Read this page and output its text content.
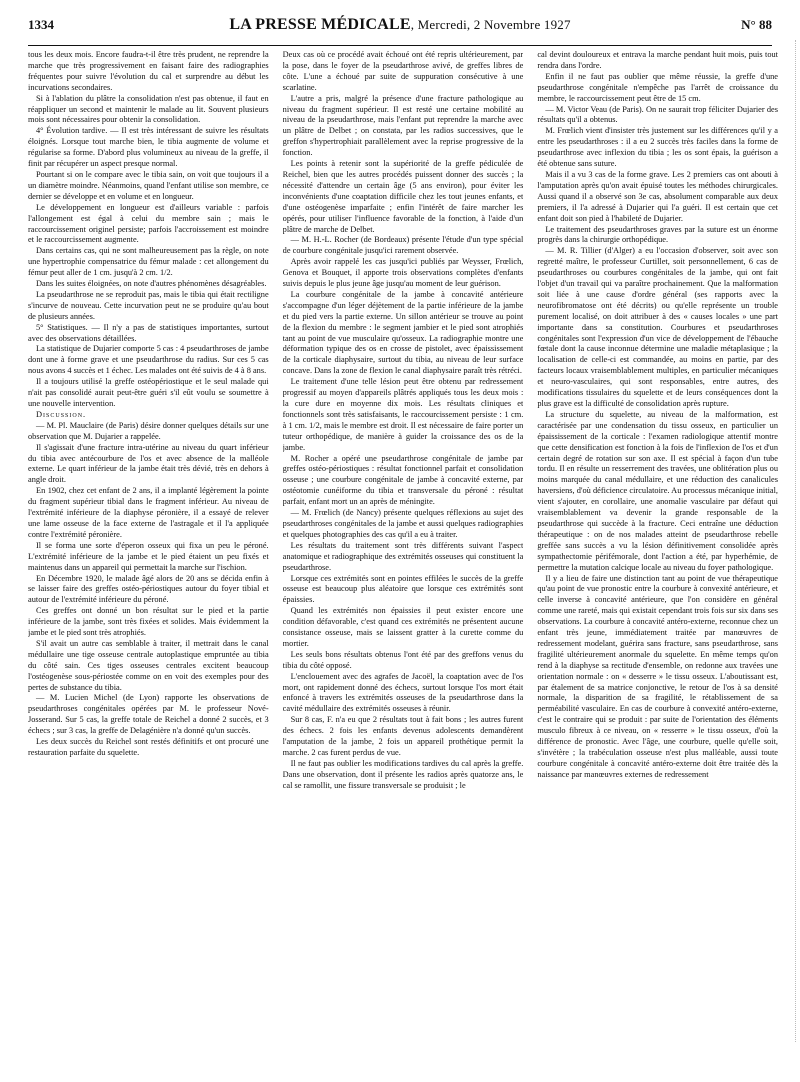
1334	LA PRESSE MÉDICALE, Mercredi, 2 Novembre 1927	N° 88

tous les deux mois. Encore faudra-t-il être très prudent, ne reprendre la marche que très progressivement en faisant faire des radiographies fréquentes pour suivre l'évolution du cal et surprendre au début les incurvations secondaires.

Si à l'ablation du plâtre la consolidation n'est pas obtenue, il faut en réappliquer un second et maintenir le malade au lit. Souvent plusieurs mois sont nécessaires pour obtenir la consolidation.

4° Évolution tardive. — Il est très intéressant de suivre les résultats éloignés. Lorsque tout marche bien, le tibia augmente de volume et régularise sa forme. D'abord plus volumineux au niveau de la greffe, il finit par récupérer un aspect presque normal.

Pourtant si on le compare avec le tibia sain, on voit que toujours il a un diamètre moindre. Néanmoins, quand l'enfant utilise son membre, ce dernier se développe et en volume et en longueur.

Le développement en longueur est d'ailleurs variable : parfois l'allongement est égal à celui du membre sain ; mais le raccourcissement originel persiste; parfois l'accroissement est moindre et le raccourcissement augmente.

Dans certains cas, qui ne sont malheureusement pas la règle, on note une hypertrophie compensatrice du fémur malade : cet allongement du fémur peut aller de 1 cm. jusqu'à 2 cm. 1/2.

Dans les suites éloignées, on note d'autres phénomènes désagréables.

La pseudarthrose ne se reproduit pas, mais le tibia qui était rectiligne s'incurve de nouveau. Cette incurvation peut ne se produire qu'au bout de plusieurs années.

5° Statistiques. — Il n'y a pas de statistiques importantes, surtout avec des observations détaillées.

La statistique de Dujarier comporte 5 cas : 4 pseudarthroses de jambe dont une à forme grave et une pseudarthrose du radius. Sur ces 5 cas nous avons 4 succès et 1 échec. Les malades ont été suivis de 4 à 8 ans.

Il a toujours utilisé la greffe ostéopériostique et le seul malade qui n'ait pas consolidé aurait peut-être guéri s'il eût voulu se soumettre à une nouvelle intervention.

Discussion.

— M. Pl. Mauclaire (de Paris) désire donner quelques détails sur une observation que M. Dujarier a rappelée.

Il s'agissait d'une fracture intra-utérine au niveau du quart inférieur du tibia avec antécourbure de l'os et avec absence de la malléole externe. Le quart inférieur de la jambe était très dévié, très en dehors à angle droit.

En 1902, chez cet enfant de 2 ans, il a implanté légèrement la pointe du fragment supérieur tibial dans le fragment inférieur. Au niveau de l'extrémité inférieure de la diaphyse péronière, il a essayé de relever une lame osseuse de la face externe de l'astragale et il l'a appliquée contre l'extrémité péronière.

Il se forma une sorte d'éperon osseux qui fixa un peu le péroné. L'extrémité inférieure de la jambe et le pied étaient un peu fixés et maintenus dans un appareil qui permettait la marche sur l'ischion.

En Décembre 1920, le malade âgé alors de 20 ans se décida enfin à se laisser faire des greffes ostéo-périostiques autour du foyer tibial et autour de l'extrémité inférieure du péroné.

Ces greffes ont donné un bon résultat sur le pied et la partie inférieure de la jambe, sont très fixées et solides. Mais évidemment la jambe et le pied sont très atrophiés.

S'il avait un autre cas semblable à traiter, il mettrait dans le canal médullaire une tige osseuse centrale autoplastique empruntée au tibia du côté sain. Ces tiges osseuses centrales excitent beaucoup l'ostéogenèse sous-périostée comme on en voit des exemples pour des pertes de substance du tibia.

— M. Lucien Michel (de Lyon) rapporte les observations de pseudarthroses congénitales opérées par M. le professeur Nové-Josserand. Sur 5 cas, la greffe totale de Reichel a donné 2 succès, et 3 échecs ; sur 3 cas, la greffe de Delagénière n'a donné qu'un succès.

Les deux succès du Reichel sont restés définitifs et ont procuré une restauration parfaite du squelette.

Deux cas où ce procédé avait échoué ont été repris ultérieurement, par la pose, dans le foyer de la pseudarthrose avivé, de greffes libres de côte. L'une a échoué par suite de suppuration consécutive à une scarlatine.

L'autre a pris, malgré la présence d'une fracture pathologique au niveau du fragment supérieur. Il est resté une certaine mobilité au niveau de la pseudarthrose, mais l'enfant put reprendre la marche avec un plâtre de Delbet ; on constata, par les radios successives, que le greffon s'hypertrophiait parallèlement avec la reprise progressive de la fonction.

Les points à retenir sont la supériorité de la greffe pédiculée de Reichel, bien que les autres procédés puissent donner des succès ; la nécessité d'attendre un certain âge (5 ans environ), pour éviter les inconvénients d'une coaptation difficile chez les tout jeunes enfants, et d'une ostéogenèse imparfaite ; enfin l'intérêt de faire marcher les opérés, pour utiliser l'influence favorable de la fonction, à l'aide d'un plâtre de marche de Delbet.

— M. H.-L. Rocher (de Bordeaux) présente l'étude d'un type spécial de courbure congénitale jusqu'ici rarement observée.

Après avoir rappelé les cas jusqu'ici publiés par Weysser, Frœlich, Genova et Bouquet, il apporte trois observations complètes d'enfants suivis depuis le plus jeune âge jusqu'au moment de leur guérison.

La courbure congénitale de la jambe à concavité antérieure s'accompagne d'un léger déjètement de la partie inférieure de la jambe et du pied vers la partie externe. Un sillon antérieur se trouve au point de la flexion du membre : le segment jambier et le pied sont atrophiés tant au point de vue musculaire qu'osseux. La radiographie montre une déformation typique des os en crosse de pistolet, avec épaississement de la corticale diaphysaire, surtout du tibia, au niveau de leur surface concave. Dans la zone de flexion le canal diaphysaire paraît très rétréci.

Le traitement d'une telle lésion peut être obtenu par redressement progressif au moyen d'appareils plâtrés appliqués tous les deux mois : la cure dure en moyenne dix mois. Les résultats cliniques et fonctionnels sont très satisfaisants, le raccourcissement persiste : 1 cm. à 1 cm. 1/2, mais le membre est droit. Il est nécessaire de faire porter un tuteur orthopédique, de manière à guider la croissance des os de la jambe.

M. Rocher a opéré une pseudarthrose congénitale de jambe par greffes ostéo-périostiques : résultat fonctionnel parfait et consolidation osseuse ; une courbure congénitale de jambe à concavité externe, par ostéotomie cunéiforme du tibia et transversale du péroné : résultat parfait, enfant mort un an après de méningite.

— M. Frœlich (de Nancy) présente quelques réflexions au sujet des pseudarthroses congénitales de la jambe et aussi quelques radiographies et quelques photographies des cas qu'il a eu à traiter.

Les résultats du traitement sont très différents suivant l'aspect anatomique et radiographique des extrémités osseuses qui constituent la pseudarthrose.

Lorsque ces extrémités sont en pointes effilées le succès de la greffe osseuse est beaucoup plus aléatoire que lorsque ces extrémités sont épaissies.

Quand les extrémités non épaissies il peut exister encore une condition défavorable, c'est quand ces extrémités ne présentent aucune consistance osseuse, mais se laissent gratter à la curette comme du mortier.

Les seuls bons résultats obtenus l'ont été par des greffons venus du tibia du côté opposé.

L'enclouement avec des agrafes de Jacoël, la coaptation avec de l'os mort, ont rapidement donné des échecs, surtout lorsque l'os mort était enfoncé à travers les extrémités osseuses de la pseudarthrose dans la cavité médullaire des extrémités osseuses à réunir.

Sur 8 cas, F. n'a eu que 2 résultats tout à fait bons ; les autres furent des échecs. 2 fois les enfants devenus adolescents demandèrent l'amputation de la jambe, 2 fois un appareil prothétique permit la marche. 2 cas furent perdus de vue.

Il ne faut pas oublier les modifications tardives du cal après la greffe. Dans une observation, dont il présente les radios après quatorze ans, le cal se ramollit, une fissure transversale se produisit ; le

cal devint douloureux et entrava la marche pendant huit mois, puis tout rendra dans l'ordre.

Enfin il ne faut pas oublier que même réussie, la greffe d'une pseudarthrose congénitale n'empêche pas l'arrêt de croissance du membre, le raccourcissement peut être de 15 cm.

— M. Victor Veau (de Paris). On ne saurait trop féliciter Dujarier des résultats qu'il a obtenus.

M. Frœlich vient d'insister très justement sur les différences qu'il y a entre les pseudarthroses : il a eu 2 succès très faciles dans la forme de pseudarthrose avec inflexion du tibia ; les os sont épais, la guérison a été obtenue sans suture.

Mais il a vu 3 cas de la forme grave. Les 2 premiers cas ont abouti à l'amputation après qu'on avait épuisé toutes les méthodes chirurgicales. Aussi quand il a observé son 3e cas, absolument comparable aux deux premiers, il l'a adressé à Dujarier qui l'a guéri. Il est certain que cet enfant doit son pied à l'habileté de Dujarier.

Le traitement des pseudarthroses graves par la suture est un énorme progrès dans la chirurgie orthopédique.

— M. R. Tillier (d'Alger) a eu l'occasion d'observer, soit avec son regretté maître, le professeur Curtillet, soit personnellement, 6 cas de pseudarthroses ou courbures congénitales de la jambe, qui ont fait l'objet d'un travail qui va paraître prochainement. Que la malformation soit liée à une cause d'ordre général (ses rapports avec la neurofibromatose ont été décrits) ou qu'elle représente un trouble purement localisé, on doit attribuer à des « causes locales » une part importante dans sa constitution. Courbures et pseudarthroses congénitales sont l'expression d'un vice de développement de l'ébauche fœtale dont la cause inconnue détermine une maladie métaplasique ; la localisation de celle-ci est commandée, au moins en partie, par des facteurs locaux vraisemblablement multiples, en particulier mécaniques et neuro-vasculaires, qui sont responsables, entre autres, des modifications tissulaires du squelette et de leurs conséquences dont la plus grave est la difficulté de consolidation après rupture.

La structure du squelette, au niveau de la malformation, est caractérisée par une condensation du tissu osseux, en particulier un épaississement de la corticale : l'examen radiologique attentif montre que cette densification est fonction à la fois de l'inflexion de l'os et d'un certain degré de rotation sur son axe. Il est spécial à façon d'un tube tordu. Il en résulte un resserrement des travées, une oblitération plus ou moins marquée du canal médullaire, et une réduction des canalicules haversiens, d'où déficience circulatoire. Au processus mécanique initial, vient s'ajouter, en corollaire, une anomalie vasculaire par défaut qui vraisemblablement va devenir la grande responsable de la pseudarthrose qui succède à la fracture. Ceci entraîne une déduction thérapeutique : on de nos malades atteint de pseudarthrose rebelle greffée sans succès a vu la lésion définitivement consolidée après sympathectomie périfémorale, dont l'action a été, par hyperhémie, de permettre la mutation calcique locale au niveau du foyer pathologique.

Il y a lieu de faire une distinction tant au point de vue thérapeutique qu'au point de vue pronostic entre la courbure à convexité antérieure, et celle inverse à concavité antérieure, que l'on considère en général comme une rareté, mais qui existait cependant trois fois sur six dans ses observations. La courbure à concavité antéro-externe, reconnue chez un enfant très jeune, immédiatement traitée par manœuvres de redressement modelant, guérira sans fracture, sans pseudarthrose, sans fragilité ultérieurement anormale du squelette. En même temps qu'on rend à la diaphyse sa rectitude d'ensemble, on redonne aux travées une orientation normale : on « desserre » le tissu osseux. L'aboutissant est, par étalement de sa matrice conjonctive, le retour de l'os à sa densité normale, la disparition de sa fragilité, le rétablissement de sa perméabilité vasculaire. En cas de courbure à convexité antéro-externe, c'est le contraire qui se produit : par suite de l'orientation des éléments musculo fibreux à ce niveau, on « resserre » le tissu osseux, d'où la différence de pronostic. Avec l'âge, une courbure, quelle qu'elle soit, s'invétère ; la trabéculation osseuse n'est plus malléable, aussi toute courbure congénitale à concavité antéro-externe doit être traitée dès la naissance par manœuvres externes de redressement
